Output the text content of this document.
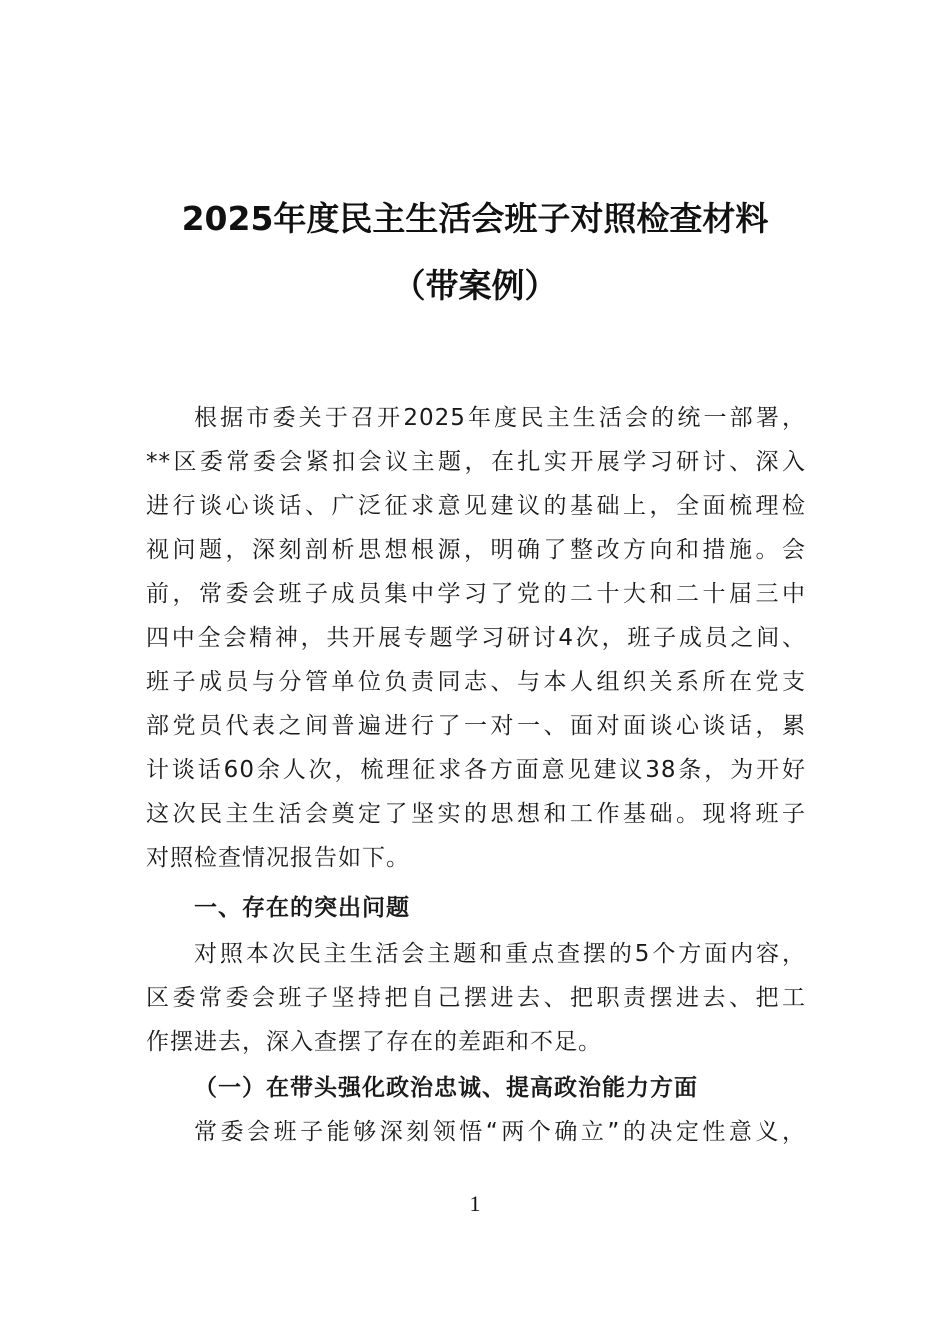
2025年度民主生活会班子对照检查材料
（带案例）
根据市委关于召开2025年度民主生活会的统一部署，
**区委常委会紧扣会议主题，在扎实开展学习研讨、深入
进行谈心谈话、广泛征求意见建议的基础上，全面梳理检
视问题，深刻剖析思想根源，明确了整改方向和措施。会
前，常委会班子成员集中学习了党的二十大和二十届三中
四中全会精神，共开展专题学习研讨4次，班子成员之间、
班子成员与分管单位负责同志、与本人组织关系所在党支
部党员代表之间普遍进行了一对一、面对面谈心谈话，累
计谈话60余人次，梳理征求各方面意见建议38条，为开好
这次民主生活会奠定了坚实的思想和工作基础。现将班子
对照检查情况报告如下。
一、存在的突出问题
对照本次民主生活会主题和重点查摆的5个方面内容，
区委常委会班子坚持把自己摆进去、把职责摆进去、把工
作摆进去，深入查摆了存在的差距和不足。
（一）在带头强化政治忠诚、提高政治能力方面
常委会班子能够深刻领悟“两个确立”的决定性意义，
1
